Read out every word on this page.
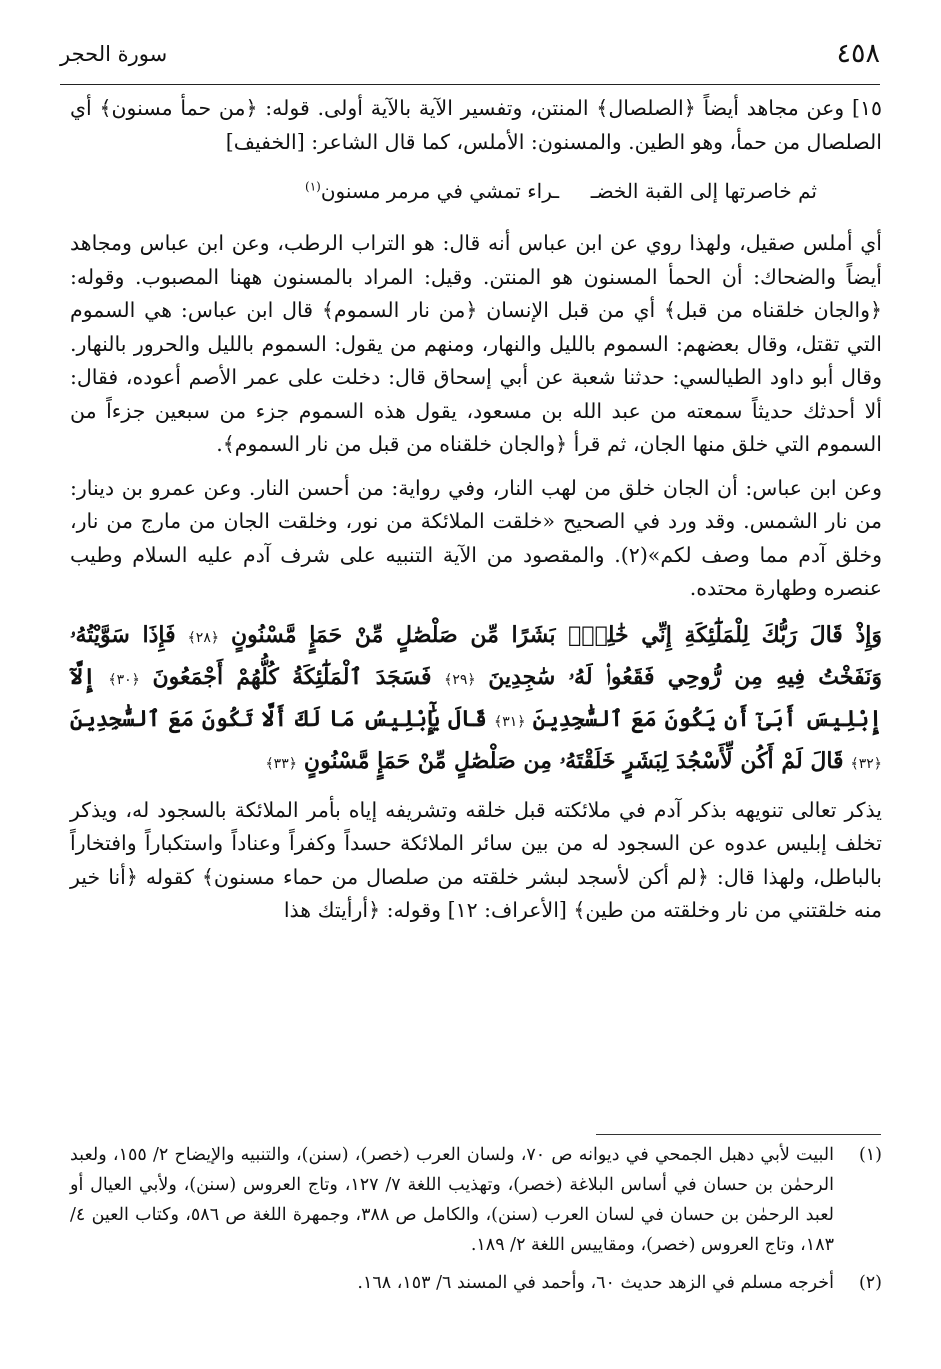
٤٥٨
سورة الحجر

١٥] وعن مجاهد أيضاً ﴿الصلصال﴾ المنتن، وتفسير الآية بالآية أولى. قوله: ﴿من حمأ مسنون﴾ أي الصلصال من حمأ، وهو الطين. والمسنون: الأملس، كما قال الشاعر: [الخفيف]

ثم خاصرتها إلى القبة الخضـ
ـراء تمشي في مرمر مسنون$^{(١)}$

أي أملس صقيل، ولهذا روي عن ابن عباس أنه قال: هو التراب الرطب، وعن ابن عباس ومجاهد أيضاً والضحاك: أن الحمأ المسنون هو المنتن. وقيل: المراد بالمسنون ههنا المصبوب. وقوله: ﴿والجان خلقناه من قبل﴾ أي من قبل الإنسان ﴿من نار السموم﴾ قال ابن عباس: هي السموم التي تقتل، وقال بعضهم: السموم بالليل والنهار، ومنهم من يقول: السموم بالليل والحرور بالنهار. وقال أبو داود الطيالسي: حدثنا شعبة عن أبي إسحاق قال: دخلت على عمر الأصم أعوده، فقال: ألا أحدثك حديثاً سمعته من عبد الله بن مسعود، يقول هذه السموم جزء من سبعين جزءاً من السموم التي خلق منها الجان، ثم قرأ ﴿والجان خلقناه من قبل من نار السموم﴾.

وعن ابن عباس: أن الجان خلق من لهب النار، وفي رواية: من أحسن النار. وعن عمرو بن دينار: من نار الشمس. وقد ورد في الصحيح «خلقت الملائكة من نور، وخلقت الجان من مارج من نار، وخلق آدم مما وصف لكم»(٢). والمقصود من الآية التنبيه على شرف آدم عليه السلام وطيب عنصره وطهارة محتده.

وَإِذْ قَالَ رَبُّكَ لِلْمَلَٰٓئِكَةِ إِنِّي خَٰلِقٌۢ بَشَرًا مِّن صَلْصَٰلٍ مِّنْ حَمَإٍ مَّسْنُونٍ ﴿٢٨﴾ فَإِذَا سَوَّيْتُهُۥ وَنَفَخْتُ فِيهِ مِن رُّوحِي فَقَعُوا۟ لَهُۥ سَٰجِدِينَ ﴿٢٩﴾ فَسَجَدَ ٱلْمَلَٰٓئِكَةُ كُلُّهُمْ أَجْمَعُونَ ﴿٣٠﴾ إِلَّآ إِبْلِيسَ أَبَىٰٓ أَن يَكُونَ مَعَ ٱلسَّٰجِدِينَ ﴿٣١﴾ قَالَ يَٰٓإِبْلِيسُ مَا لَكَ أَلَّا تَكُونَ مَعَ ٱلسَّٰجِدِينَ ﴿٣٢﴾ قَالَ لَمْ أَكُن لِّأَسْجُدَ لِبَشَرٍ خَلَقْتَهُۥ مِن صَلْصَٰلٍ مِّنْ حَمَإٍ مَّسْنُونٍ ﴿٣٣﴾

يذكر تعالى تنويهه بذكر آدم في ملائكته قبل خلقه وتشريفه إياه بأمر الملائكة بالسجود له، ويذكر تخلف إبليس عدوه عن السجود له من بين سائر الملائكة حسداً وكفراً وعناداً واستكباراً وافتخاراً بالباطل، ولهذا قال: ﴿لم أكن لأسجد لبشر خلقته من صلصال من حماء مسنون﴾ كقوله ﴿أنا خير منه خلقتني من نار وخلقته من طين﴾ [الأعراف: ١٢] وقوله: ﴿أرأيتك هذا

(١)
البيت لأبي دهبل الجمحي في ديوانه ص ٧٠، ولسان العرب (خصر)، (سنن)، والتنبيه والإيضاح ٢/ ١٥٥، ولعبد الرحمٰن بن حسان في أساس البلاغة (خصر)، وتهذيب اللغة ٧/ ١٢٧، وتاج العروس (سنن)، ولأبي العيال أو لعبد الرحمٰن بن حسان في لسان العرب (سنن)، والكامل ص ٣٨٨، وجمهرة اللغة ص ٥٨٦، وكتاب العين ٤/ ١٨٣، وتاج العروس (خصر)، ومقاييس اللغة ٢/ ١٨٩.
(٢)
أخرجه مسلم في الزهد حديث ٦٠، وأحمد في المسند ٦/ ١٥٣، ١٦٨.
